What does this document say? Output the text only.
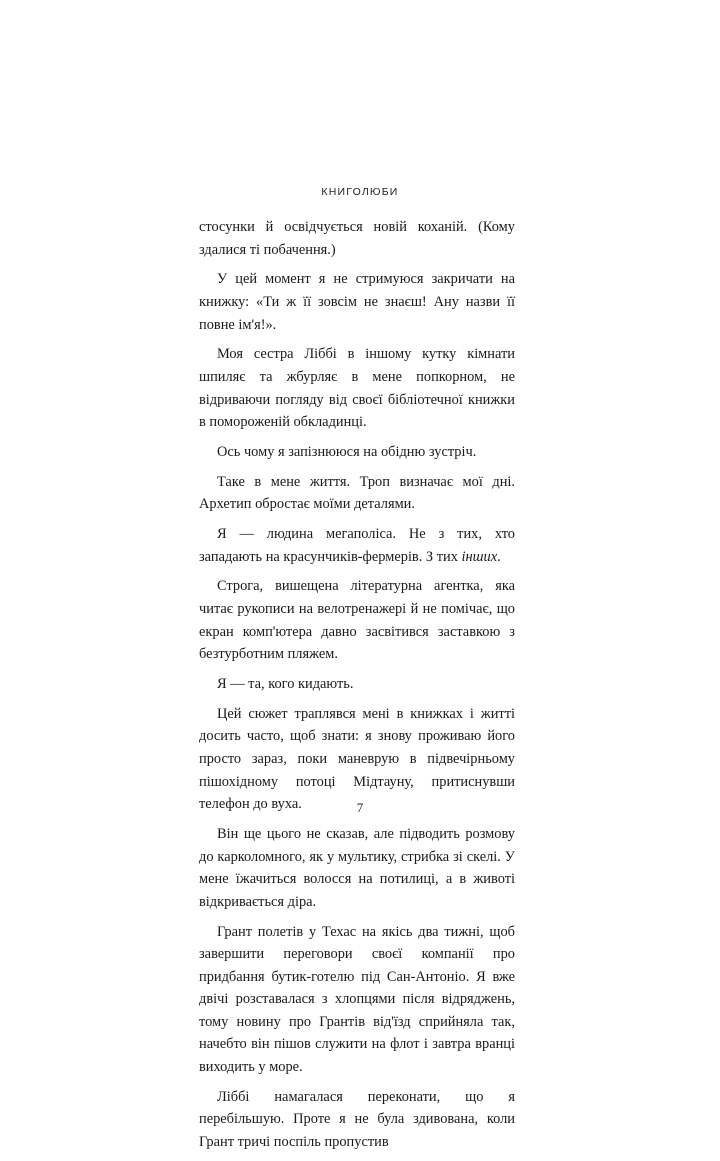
КНИГОЛЮБИ

стосунки й освідчується новій коханій. (Кому здалися ті побачення.)

У цей момент я не стримуюся закричати на книжку: «Ти ж її зовсім не знаєш! Ану назви її повне ім'я!».

Моя сестра Ліббі в іншому кутку кімнати шпиляє та жбурляє в мене попкорном, не відриваючи погляду від своєї бібліотечної книжки в помороженій обкладинці.

Ось чому я запізнююся на обідню зустріч.

Таке в мене життя. Троп визначає мої дні. Архетип обростає моїми деталями.

Я — людина мегаполіса. Не з тих, хто западають на красунчиків-фермерів. З тих інших.

Строга, вишещена літературна агентка, яка читає рукописи на велотренажері й не помічає, що екран комп'ютера давно засвітився заставкою з безтурботним пляжем.

Я — та, кого кидають.

Цей сюжет траплявся мені в книжках і житті досить часто, щоб знати: я знову проживаю його просто зараз, поки маневрую в підвечірньому пішохідному потоці Мідтауну, притиснувши телефон до вуха.

Він ще цього не сказав, але підводить розмову до карколомного, як у мультику, стрибка зі скелі. У мене їжачиться волосся на потилиці, а в животі відкривається діра.

Грант полетів у Техас на якісь два тижні, щоб завершити переговори своєї компанії про придбання бутик-готелю під Сан-Антоніо. Я вже двічі розставалася з хлопцями після відряджень, тому новину про Грантів від'їзд сприйняла так, начебто він пішов служити на флот і завтра вранці виходить у море.

Ліббі намагалася переконати, що я перебільшую. Проте я не була здивована, коли Грант тричі поспіль пропустив

7
